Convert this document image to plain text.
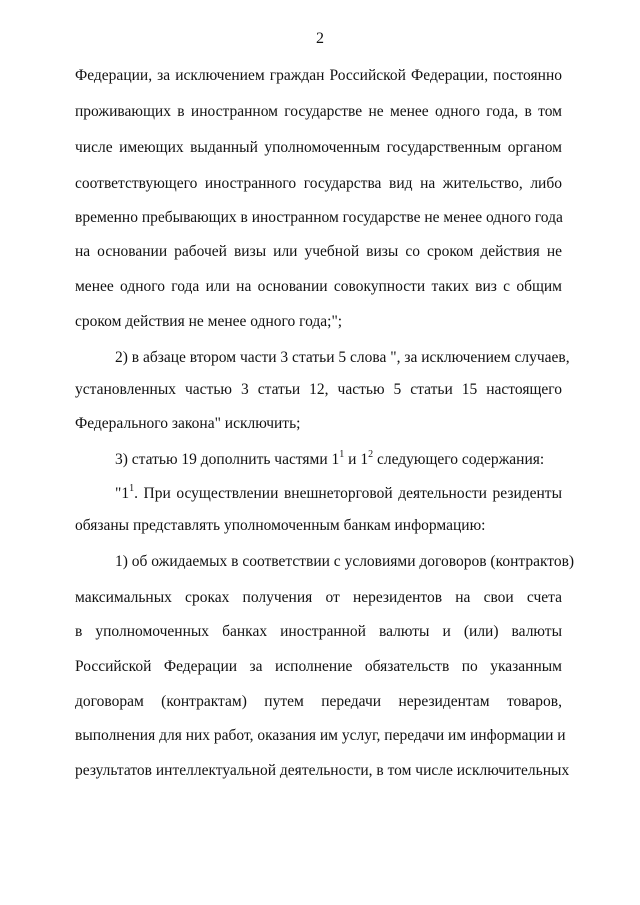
2
Федерации, за исключением граждан Российской Федерации, постоянно
проживающих в иностранном государстве не менее одного года, в том
числе имеющих выданный уполномоченным государственным органом
соответствующего иностранного государства вид на жительство, либо
временно пребывающих в иностранном государстве не менее одного года
на основании рабочей визы или учебной визы со сроком действия не
менее одного года или на основании совокупности таких виз с общим
сроком действия не менее одного года;";
2) в абзаце втором части 3 статьи 5 слова ", за исключением случаев,
установленных частью 3 статьи 12, частью 5 статьи 15 настоящего
Федерального закона" исключить;
3) статью 19 дополнить частями $1^1$ и $1^2$ следующего содержания:
"$1^1$. При осуществлении внешнеторговой деятельности резиденты
обязаны представлять уполномоченным банкам информацию:
1) об ожидаемых в соответствии с условиями договоров (контрактов)
максимальных сроках получения от нерезидентов на свои счета
в уполномоченных банках иностранной валюты и (или) валюты
Российской Федерации за исполнение обязательств по указанным
договорам (контрактам) путем передачи нерезидентам товаров,
выполнения для них работ, оказания им услуг, передачи им информации и
результатов интеллектуальной деятельности, в том числе исключительных
